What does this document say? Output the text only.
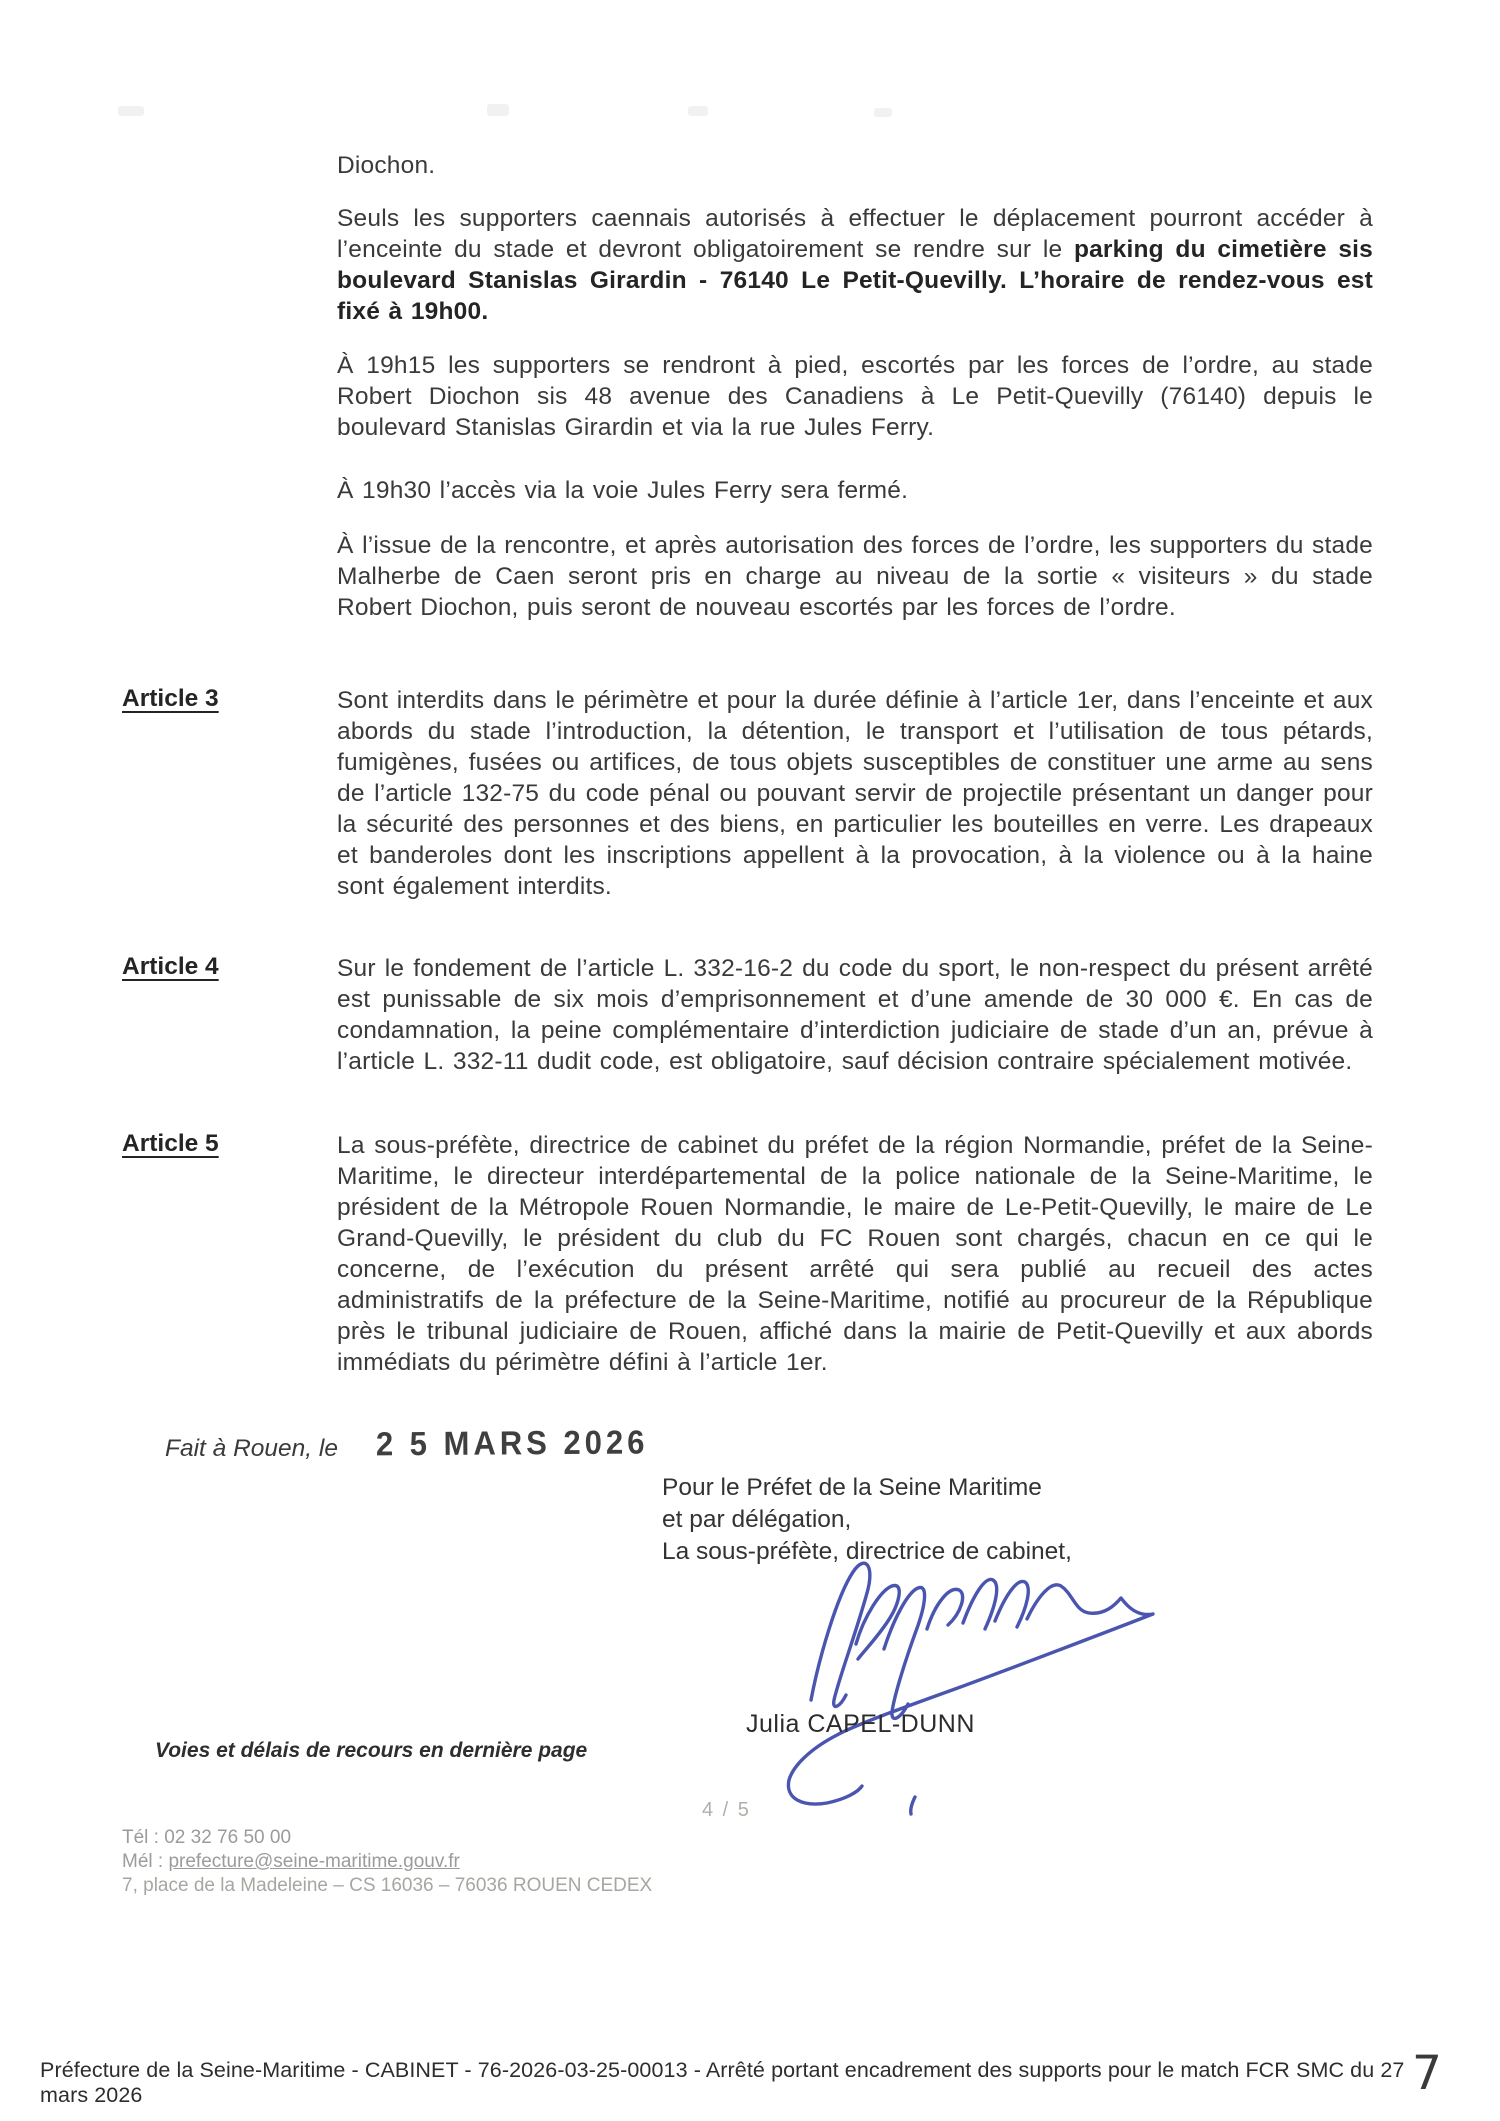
Diochon.

Seuls les supporters caennais autorisés à effectuer le déplacement pourront accéder à l’enceinte du stade et devront obligatoirement se rendre sur le parking du cimetière sis boulevard Stanislas Girardin - 76140 Le Petit-Quevilly. L’horaire de rendez-vous est fixé à 19h00.

À 19h15 les supporters se rendront à pied, escortés par les forces de l’ordre, au stade Robert Diochon sis 48 avenue des Canadiens à Le Petit-Quevilly (76140) depuis le boulevard Stanislas Girardin et via la rue Jules Ferry.

À 19h30 l’accès via la voie Jules Ferry sera fermé.

À l’issue de la rencontre, et après autorisation des forces de l’ordre, les supporters du stade Malherbe de Caen seront pris en charge au niveau de la sortie « visiteurs » du stade Robert Diochon, puis seront de nouveau escortés par les forces de l’ordre.

Article 3	Sont interdits dans le périmètre et pour la durée définie à l’article 1er, dans l’enceinte et aux abords du stade l’introduction, la détention, le transport et l’utilisation de tous pétards, fumigènes, fusées ou artifices, de tous objets susceptibles de constituer une arme au sens de l’article 132-75 du code pénal ou pouvant servir de projectile présentant un danger pour la sécurité des personnes et des biens, en particulier les bouteilles en verre. Les drapeaux et banderoles dont les inscriptions appellent à la provocation, à la violence ou à la haine sont également interdits.

Article 4	Sur le fondement de l’article L. 332-16-2 du code du sport, le non-respect du présent arrêté est punissable de six mois d’emprisonnement et d’une amende de 30 000 €. En cas de condamnation, la peine complémentaire d’interdiction judiciaire de stade d’un an, prévue à l’article L. 332-11 dudit code, est obligatoire, sauf décision contraire spécialement motivée.

Article 5	La sous-préfète, directrice de cabinet du préfet de la région Normandie, préfet de la Seine-Maritime, le directeur interdépartemental de la police nationale de la Seine-Maritime, le président de la Métropole Rouen Normandie, le maire de Le-Petit-Quevilly, le maire de Le Grand-Quevilly, le président du club du FC Rouen sont chargés, chacun en ce qui le concerne, de l’exécution du présent arrêté qui sera publié au recueil des actes administratifs de la préfecture de la Seine-Maritime, notifié au procureur de la République près le tribunal judiciaire de Rouen, affiché dans la mairie de Petit-Quevilly et aux abords immédiats du périmètre défini à l’article 1er.

Fait à Rouen, le 2 5 MARS 2026

Pour le Préfet de la Seine Maritime

et par délégation,

La sous-préfète, directrice de cabinet,

Julia CAPEL-DUNN
Voies et délais de recours en dernière page
4 / 5

Tél : 02 32 76 50 00

Mél : prefecture@seine-maritime.gouv.fr

7, place de la Madeleine – CS 16036 – 76036 ROUEN CEDEX

Préfecture de la Seine-Maritime - CABINET - 76-2026-03-25-00013 - Arrêté portant encadrement des supports pour le match FCR SMC du 27 mars 2026	7
